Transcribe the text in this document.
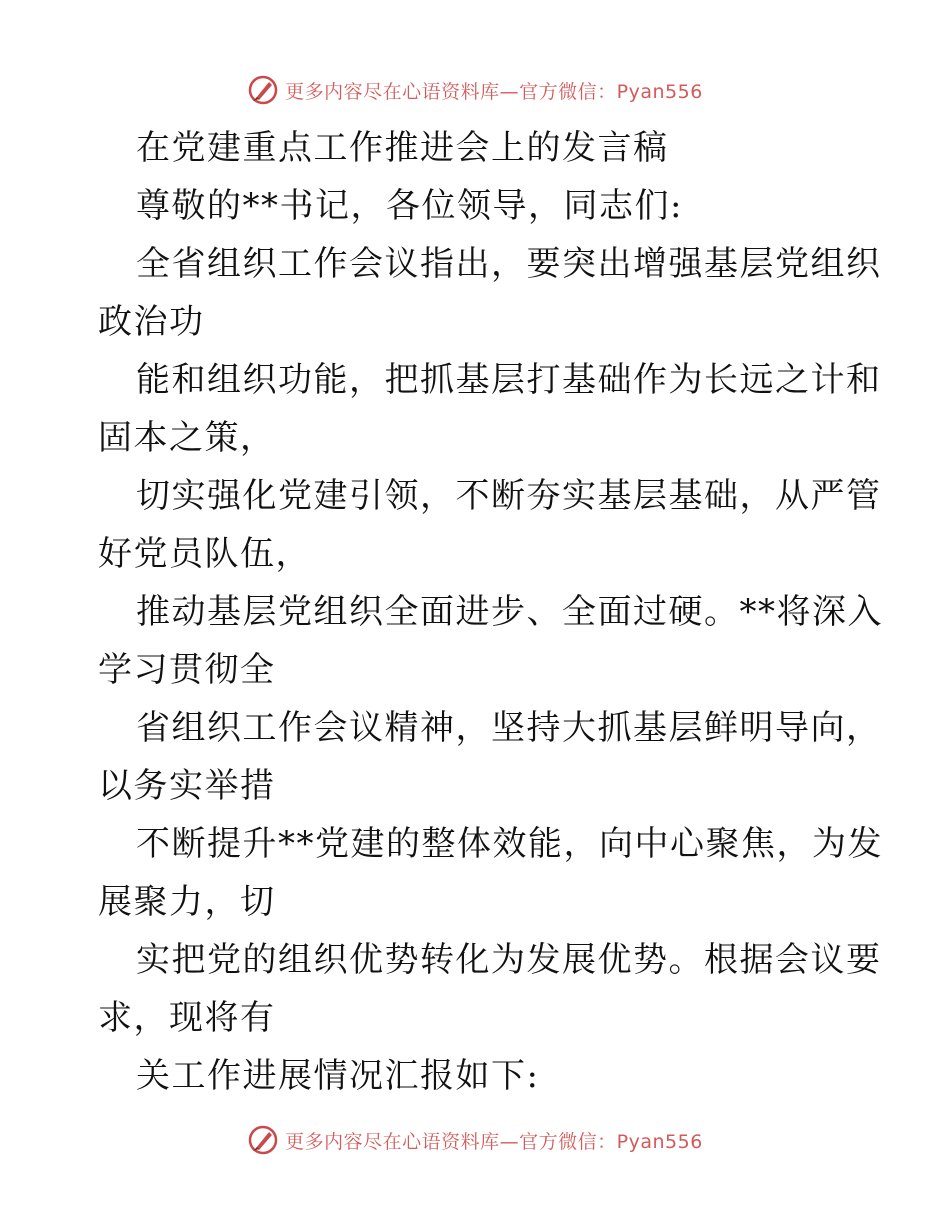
更多内容尽在心语资料库—官方微信：Pyan556
在党建重点工作推进会上的发言稿
尊敬的**书记，各位领导，同志们:
全省组织工作会议指出，要突出增强基层党组织
政治功
能和组织功能，把抓基层打基础作为长远之计和
固本之策，
切实强化党建引领，不断夯实基层基础，从严管
好党员队伍，
推动基层党组织全面进步、全面过硬。**将深入
学习贯彻全
省组织工作会议精神，坚持大抓基层鲜明导向，
以务实举措
不断提升**党建的整体效能，向中心聚焦，为发
展聚力，切
实把党的组织优势转化为发展优势。根据会议要
求，现将有
关工作进展情况汇报如下:
更多内容尽在心语资料库—官方微信：Pyan556
